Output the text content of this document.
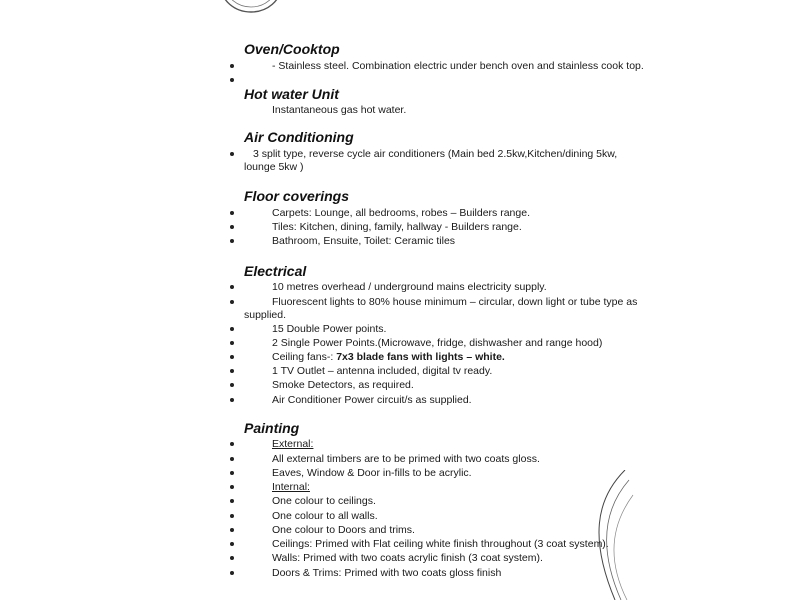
Oven/Cooktop
- Stainless steel. Combination electric under bench oven and stainless cook top.
Hot water Unit
Instantaneous gas hot water.
Air Conditioning
3 split type, reverse cycle air conditioners (Main bed 2.5kw,Kitchen/dining 5kw,
lounge 5kw )
Floor coverings
Carpets: Lounge, all bedrooms, robes – Builders range.
Tiles: Kitchen, dining, family, hallway - Builders range.
Bathroom, Ensuite, Toilet: Ceramic tiles
Electrical
10 metres overhead / underground mains electricity supply.
Fluorescent lights to 80% house minimum – circular, down light or tube type as
supplied.
15 Double Power points.
2 Single Power Points.(Microwave, fridge, dishwasher and range hood)
Ceiling fans-: 7x3 blade fans with lights – white.
1 TV Outlet – antenna included, digital tv ready.
Smoke Detectors, as required.
Air Conditioner Power circuit/s as supplied.
Painting
External:
All external timbers are to be primed with two coats gloss.
Eaves, Window & Door in-fills to be acrylic.
Internal:
One colour to ceilings.
One colour to all walls.
One colour to Doors and trims.
Ceilings: Primed with Flat ceiling white finish throughout (3 coat system).
Walls: Primed with two coats acrylic finish (3 coat system).
Doors & Trims: Primed with two coats gloss finish
